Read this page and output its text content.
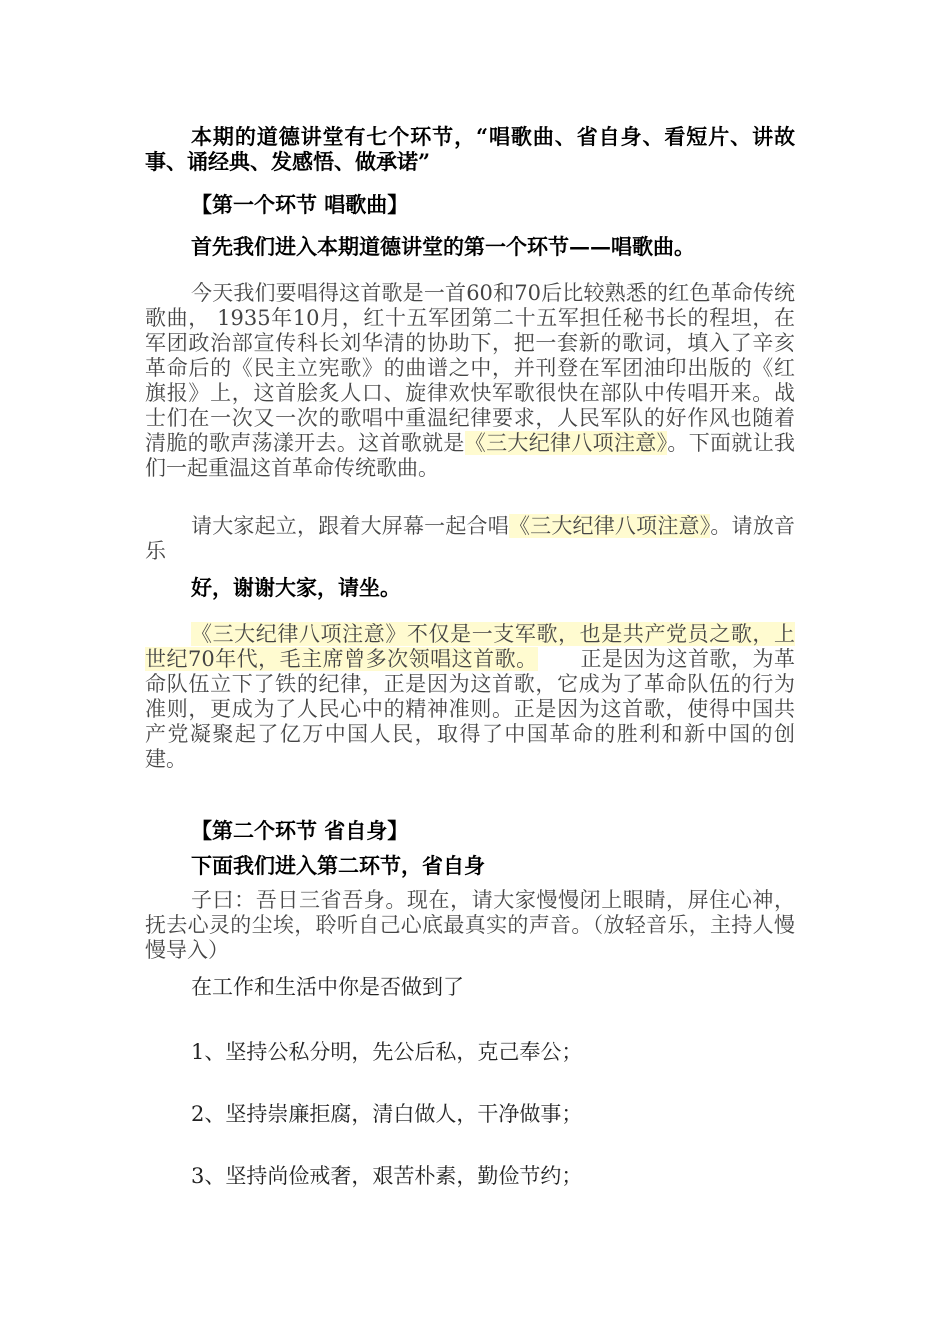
本期的道德讲堂有七个环节，“唱歌曲、省自身、看短片、讲故事、诵经典、发感悟、做承诺”

【第一个环节 唱歌曲】

首先我们进入本期道德讲堂的第一个环节——唱歌曲。

今天我们要唱得这首歌是一首60和70后比较熟悉的红色革命传统歌曲， 1935年10月，红十五军团第二十五军担任秘书长的程坦，在军团政治部宣传科长刘华清的协助下，把一套新的歌词，填入了辛亥革命后的《民主立宪歌》的曲谱之中，并刊登在军团油印出版的《红旗报》上，这首脍炙人口、旋律欢快军歌很快在部队中传唱开来。战士们在一次又一次的歌唱中重温纪律要求，人民军队的好作风也随着清脆的歌声荡漾开去。这首歌就是《三大纪律八项注意》。下面就让我们一起重温这首革命传统歌曲。

请大家起立，跟着大屏幕一起合唱《三大纪律八项注意》。请放音乐

好，谢谢大家，请坐。

《三大纪律八项注意》不仅是一支军歌，也是共产党员之歌，上世纪70年代，毛主席曾多次领唱这首歌。      正是因为这首歌，为革命队伍立下了铁的纪律，正是因为这首歌，它成为了革命队伍的行为准则，更成为了人民心中的精神准则。正是因为这首歌，使得中国共产党凝聚起了亿万中国人民，取得了中国革命的胜利和新中国的创建。

【第二个环节 省自身】

下面我们进入第二环节，省自身

子曰：吾日三省吾身。现在，请大家慢慢闭上眼睛，屏住心神，抚去心灵的尘埃，聆听自己心底最真实的声音。（放轻音乐，主持人慢慢导入）

在工作和生活中你是否做到了

1、坚持公私分明，先公后私，克己奉公；

2、坚持崇廉拒腐，清白做人，干净做事；

3、坚持尚俭戒奢，艰苦朴素，勤俭节约；
